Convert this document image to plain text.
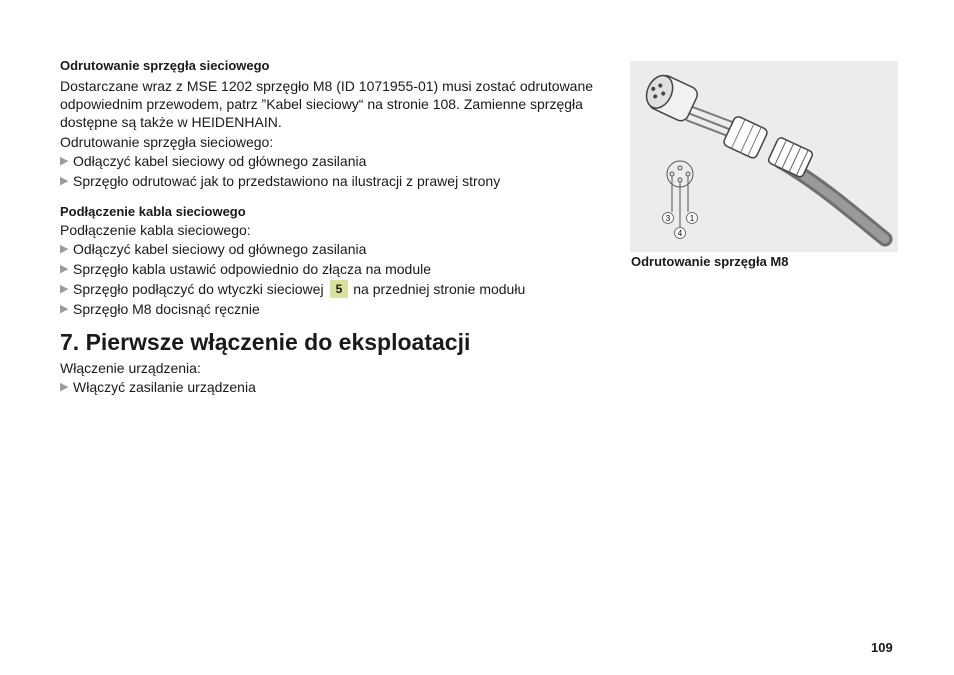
Odrutowanie sprzęgła sieciowego

Dostarczane wraz z MSE 1202 sprzęgło M8 (ID 1071955-01) musi zostać odrutowane

odpowiednim przewodem, patrz ”Kabel sieciowy“ na stronie 108. Zamienne sprzęgła

dostępne są także w HEIDENHAIN.

Odrutowanie sprzęgła sieciowego:

▶ Odłączyć kabel sieciowy od głównego zasilania
▶ Sprzęgło odrutować jak to przedstawiono na ilustracji z prawej strony

Podłączenie kabla sieciowego

Podłączenie kabla sieciowego:

▶ Odłączyć kabel sieciowy od głównego zasilania
▶ Sprzęgło kabla ustawić odpowiednio do złącza na module
▶ Sprzęgło podłączyć do wtyczki sieciowej	5 na przedniej stronie modułu
▶ Sprzęgło M8 docisnąć ręcznie
7. Pierwsze włączenie do eksploatacji

Włączenie urządzenia:

▶ Włączyć zasilanie urządzenia
3 1
4
Odrutowanie sprzęgła M8
109
